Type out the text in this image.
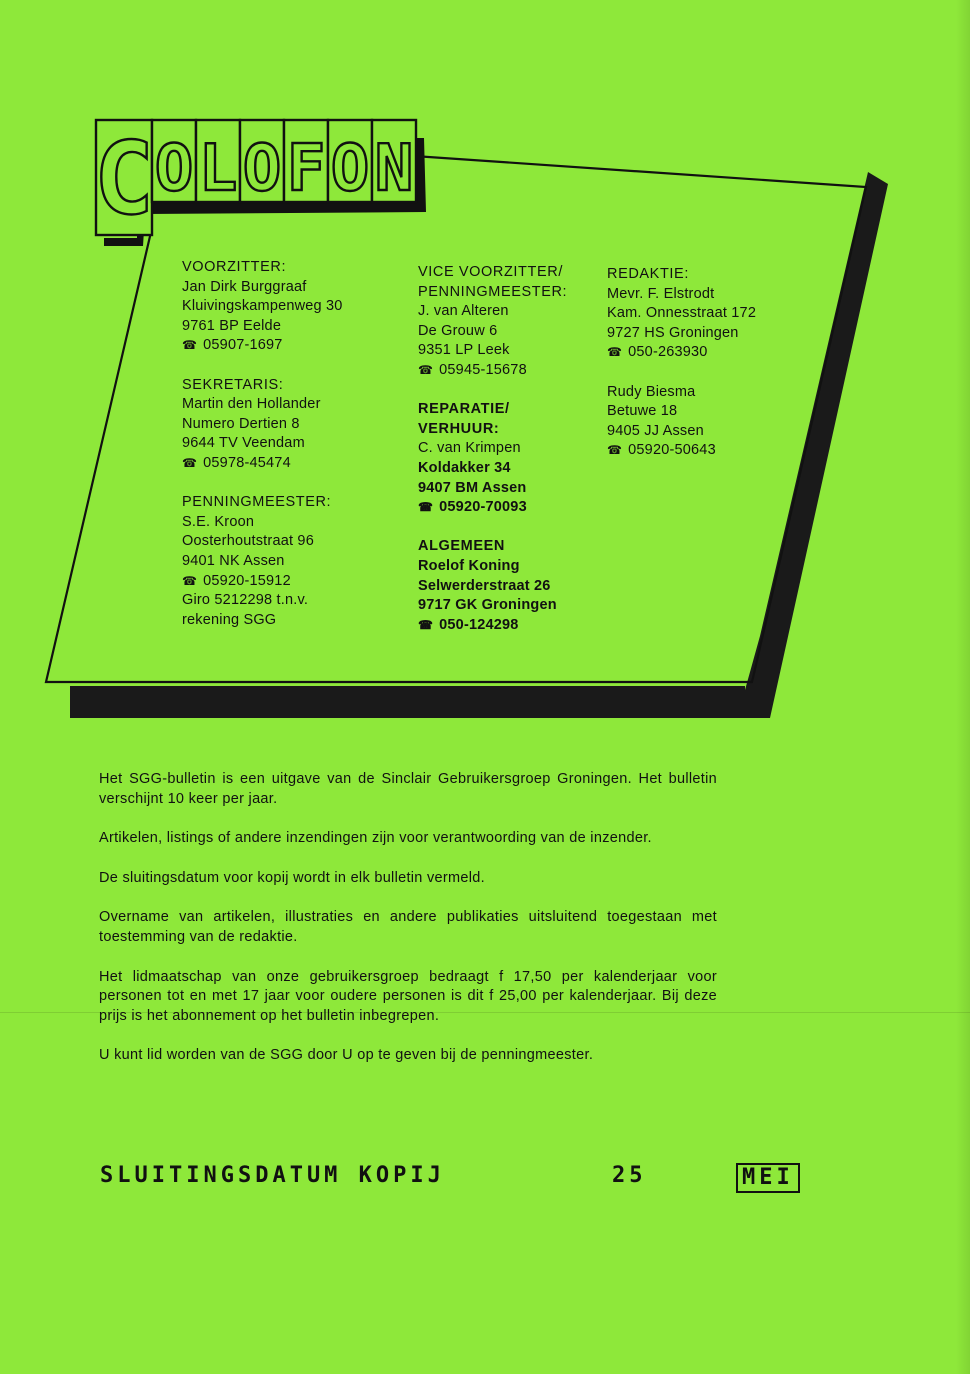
C O L O F O N
VOORZITTER:
Jan Dirk Burggraaf
Kluivingskampenweg 30
9761 BP Eelde
☎ 05907-1697
SEKRETARIS:
Martin den Hollander
Numero Dertien 8
9644 TV Veendam
☎ 05978-45474
PENNINGMEESTER:
S.E. Kroon
Oosterhoutstraat 96
9401 NK Assen
☎ 05920-15912
Giro 5212298 t.n.v.
rekening SGG
VICE VOORZITTER/
PENNINGMEESTER:
J. van Alteren
De Grouw 6
9351 LP Leek
☎ 05945-15678
REPARATIE/
VERHUUR:
C. van Krimpen
Koldakker 34
9407 BM Assen
☎ 05920-70093
ALGEMEEN
Roelof Koning
Selwerderstraat 26
9717 GK Groningen
☎ 050-124298
REDAKTIE:
Mevr. F. Elstrodt
Kam. Onnesstraat 172
9727 HS Groningen
☎ 050-263930
Rudy Biesma
Betuwe 18
9405 JJ Assen
☎ 05920-50643

Het SGG-bulletin is een uitgave van de Sinclair Gebruikersgroep Groningen. Het bulletin verschijnt 10 keer per jaar.

Artikelen, listings of andere inzendingen zijn voor verantwoording van de inzender.

De sluitingsdatum voor kopij wordt in elk bulletin vermeld.

Overname van artikelen, illustraties en andere publikaties uitsluitend toegestaan met toestemming van de redaktie.

Het lidmaatschap van onze gebruikersgroep bedraagt f 17,50 per kalenderjaar voor personen tot en met 17 jaar voor oudere personen is dit f 25,00 per kalenderjaar. Bij deze prijs is het abonnement op het bulletin inbegrepen.

U kunt lid worden van de SGG door U op te geven bij de penningmeester.

SLUITINGSDATUM KOPIJ	25	MEI
